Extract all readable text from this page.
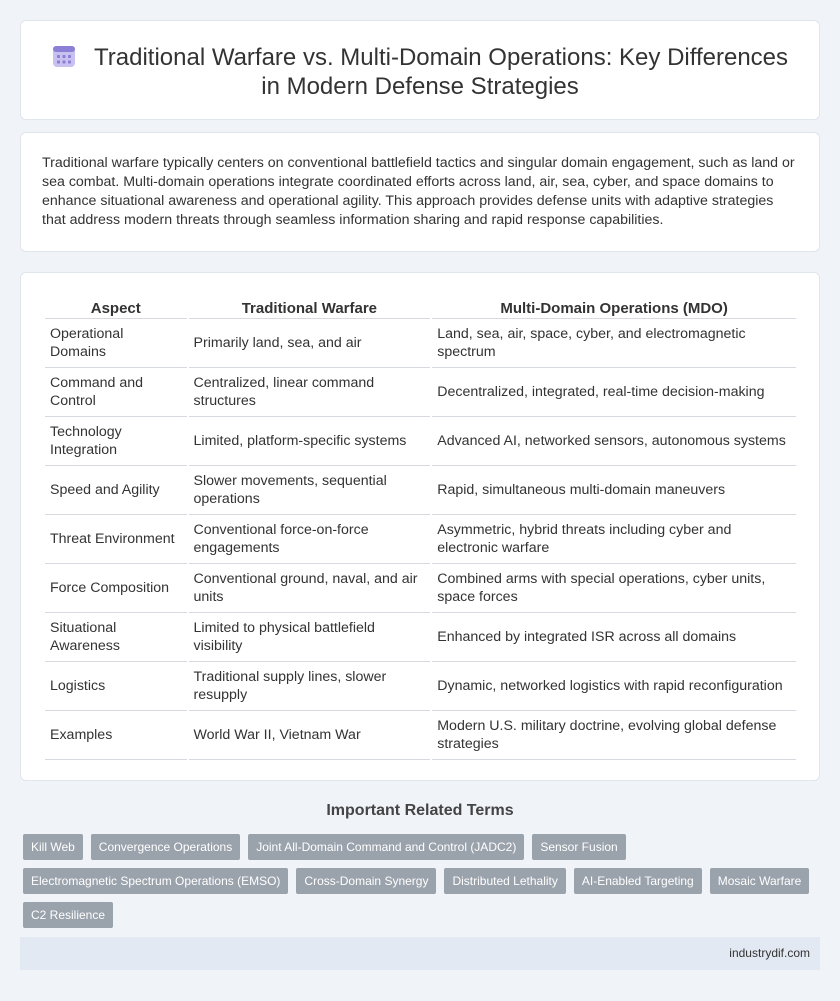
Traditional Warfare vs. Multi-Domain Operations: Key Differences in Modern Defense Strategies

Traditional warfare typically centers on conventional battlefield tactics and singular domain engagement, such as land or sea combat. Multi-domain operations integrate coordinated efforts across land, air, sea, cyber, and space domains to enhance situational awareness and operational agility. This approach provides defense units with adaptive strategies that address modern threats through seamless information sharing and rapid response capabilities.

Aspect	Traditional Warfare	Multi-Domain Operations (MDO)
Operational Domains	Primarily land, sea, and air	Land, sea, air, space, cyber, and electromagnetic spectrum
Command and Control	Centralized, linear command structures	Decentralized, integrated, real-time decision-making
Technology Integration	Limited, platform-specific systems	Advanced AI, networked sensors, autonomous systems
Speed and Agility	Slower movements, sequential operations	Rapid, simultaneous multi-domain maneuvers
Threat Environment	Conventional force-on-force engagements	Asymmetric, hybrid threats including cyber and electronic warfare
Force Composition	Conventional ground, naval, and air units	Combined arms with special operations, cyber units, space forces
Situational Awareness	Limited to physical battlefield visibility	Enhanced by integrated ISR across all domains
Logistics	Traditional supply lines, slower resupply	Dynamic, networked logistics with rapid reconfiguration
Examples	World War II, Vietnam War	Modern U.S. military doctrine, evolving global defense strategies
Important Related Terms
Kill Web	Convergence Operations	Joint All-Domain Command and Control (JADC2)	Sensor Fusion
Electromagnetic Spectrum Operations (EMSO)	Cross-Domain Synergy	Distributed Lethality	AI-Enabled Targeting	Mosaic Warfare
C2 Resilience
industrydif.com
